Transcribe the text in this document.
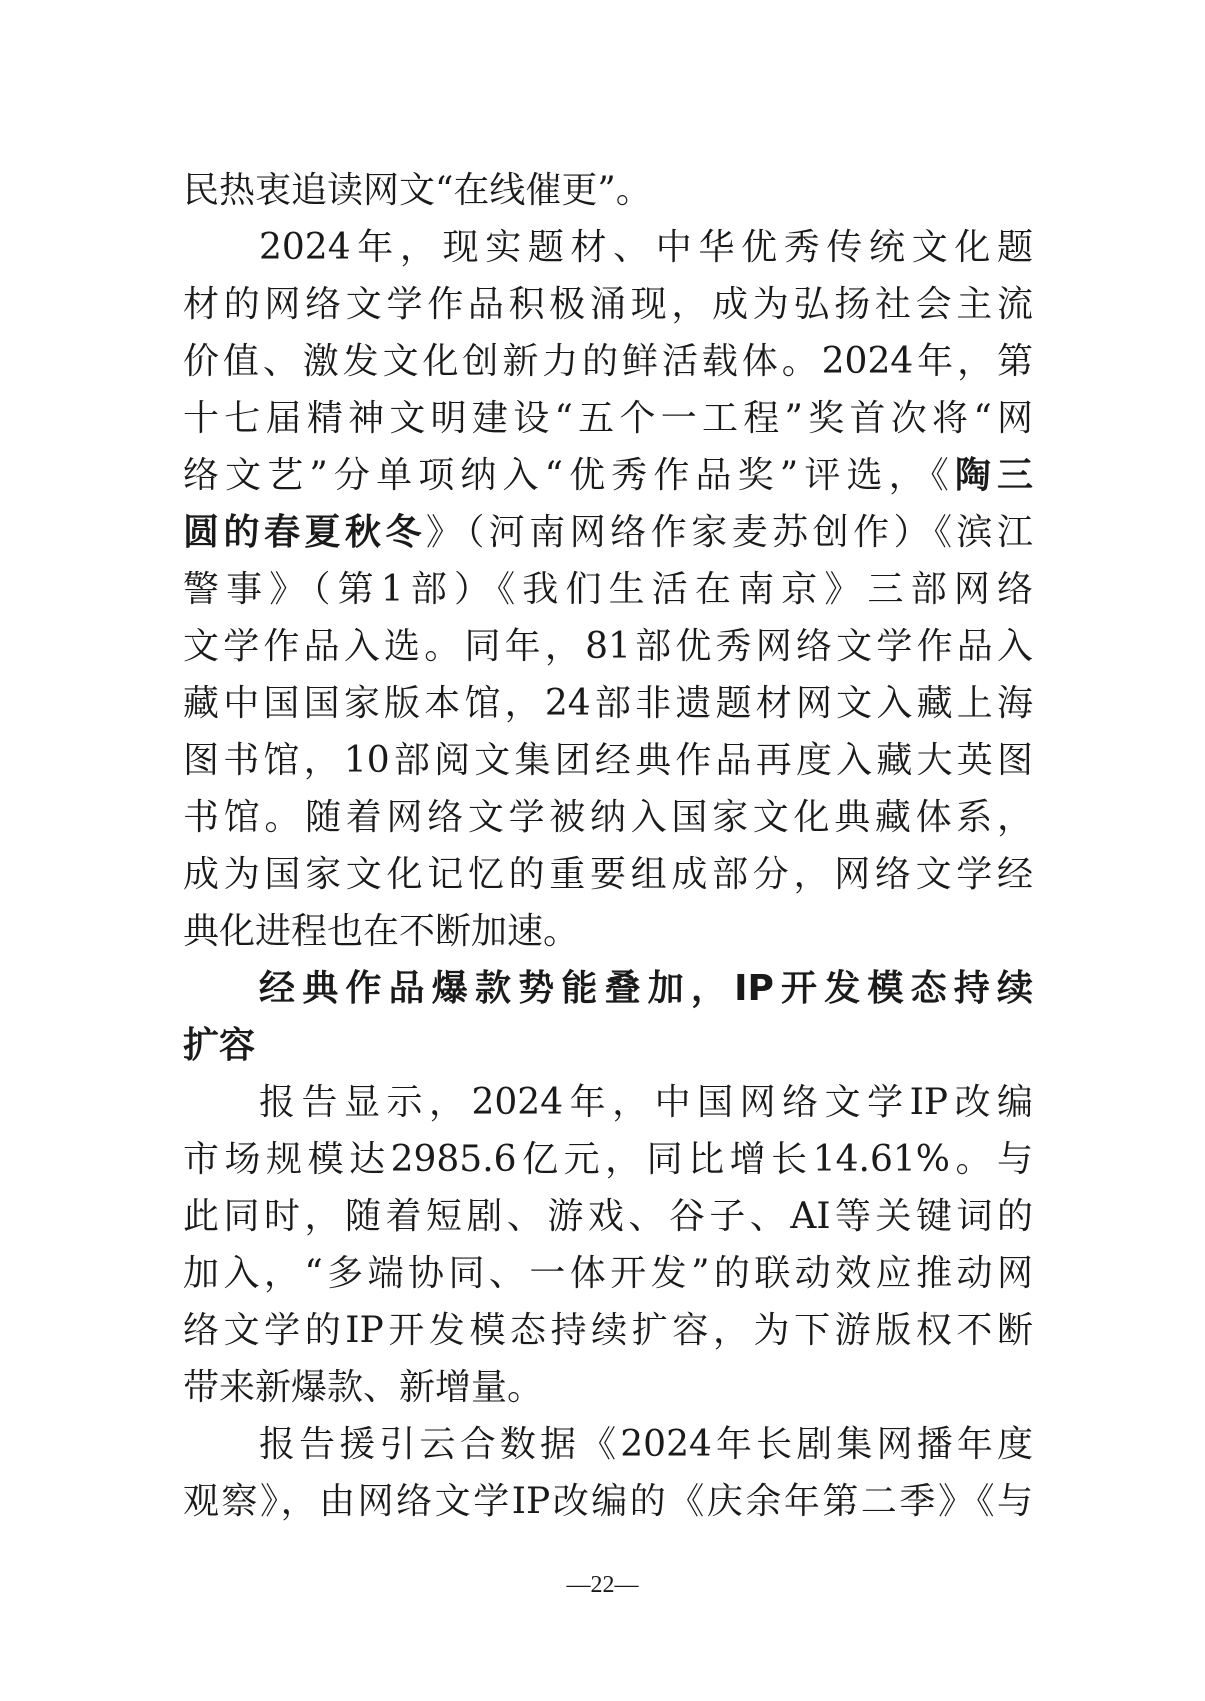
民热衷追读网文“在线催更”。
2024年，现实题材、中华优秀传统文化题
材的网络文学作品积极涌现，成为弘扬社会主流
价值、激发文化创新力的鲜活载体。2024年，第
十七届精神文明建设“五个一工程”奖首次将“网
络文艺”分单项纳入“优秀作品奖”评选，《陶三
圆的春夏秋冬》（河南网络作家麦苏创作）《滨江
警事》（第1部）《我们生活在南京》三部网络
文学作品入选。同年，81部优秀网络文学作品入
藏中国国家版本馆，24部非遗题材网文入藏上海
图书馆，10部阅文集团经典作品再度入藏大英图
书馆。随着网络文学被纳入国家文化典藏体系，
成为国家文化记忆的重要组成部分，网络文学经
典化进程也在不断加速。
经典作品爆款势能叠加，IP开发模态持续
扩容
报告显示，2024年，中国网络文学IP改编
市场规模达2985.6亿元，同比增长14.61%。与
此同时，随着短剧、游戏、谷子、AI等关键词的
加入，“多端协同、一体开发”的联动效应推动网
络文学的IP开发模态持续扩容，为下游版权不断
带来新爆款、新增量。
报告援引云合数据《2024年长剧集网播年度
观察》，由网络文学IP改编的《庆余年第二季》《与
—22—
